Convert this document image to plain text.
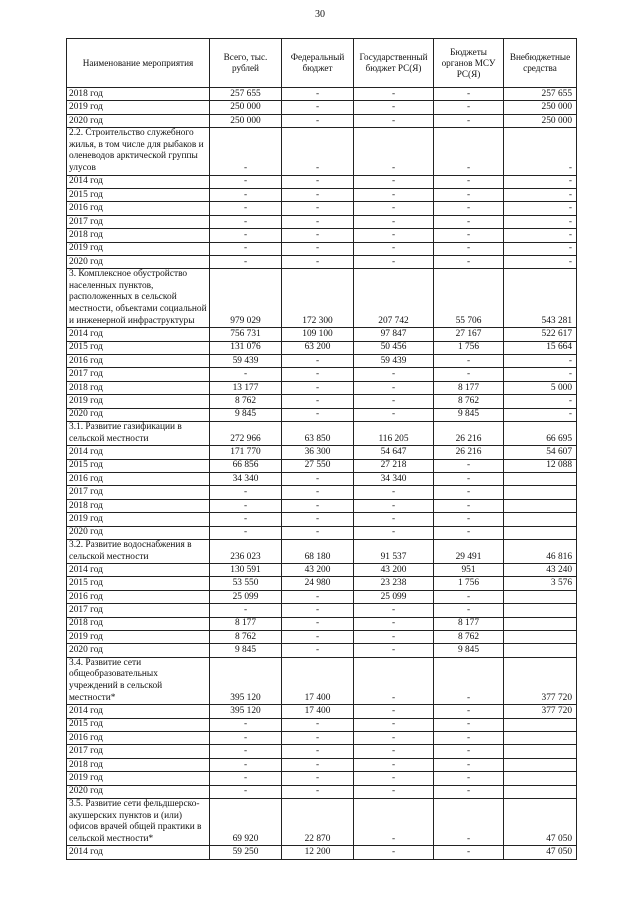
30
Наименование мероприятия	Всего, тыс. рублей	Федеральный бюджет	Государственный бюджет РС(Я)	Бюджеты органов МСУ РС(Я)	Внебюджетные средства
2018 год	257 655	-	-	-	257 655
2019 год	250 000	-	-	-	250 000
2020 год	250 000	-	-	-	250 000
2.2. Строительство служебного жилья, в том числе для рыбаков и оленеводов арктической группы улусов	-	-	-	-	-
2014 год	-	-	-	-	-
2015 год	-	-	-	-	-
2016 год	-	-	-	-	-
2017 год	-	-	-	-	-
2018 год	-	-	-	-	-
2019 год	-	-	-	-	-
2020 год	-	-	-	-	-
3. Комплексное обустройство населенных пунктов, расположенных в сельской местности, объектами социальной и инженерной инфраструктуры	979 029	172 300	207 742	55 706	543 281
2014 год	756 731	109 100	97 847	27 167	522 617
2015 год	131 076	63 200	50 456	1 756	15 664
2016 год	59 439	-	59 439	-	-
2017 год	-	-	-	-	-
2018 год	13 177	-	-	8 177	5 000
2019 год	8 762	-	-	8 762	-
2020 год	9 845	-	-	9 845	-
3.1. Развитие газификации в сельской местности	272 966	63 850	116 205	26 216	66 695
2014 год	171 770	36 300	54 647	26 216	54 607
2015 год	66 856	27 550	27 218	-	12 088
2016 год	34 340	-	34 340	-	
2017 год	-	-	-	-	
2018 год	-	-	-	-	
2019 год	-	-	-	-	
2020 год	-	-	-	-	
3.2. Развитие водоснабжения в сельской местности	236 023	68 180	91 537	29 491	46 816
2014 год	130 591	43 200	43 200	951	43 240
2015 год	53 550	24 980	23 238	1 756	3 576
2016 год	25 099	-	25 099	-	
2017 год	-	-	-	-	
2018 год	8 177	-	-	8 177	
2019 год	8 762	-	-	8 762	
2020 год	9 845	-	-	9 845	
3.4. Развитие сети общеобразовательных учреждений в сельской местности*	395 120	17 400	-	-	377 720
2014 год	395 120	17 400	-	-	377 720
2015 год	-	-	-	-	
2016 год	-	-	-	-	
2017 год	-	-	-	-	
2018 год	-	-	-	-	
2019 год	-	-	-	-	
2020 год	-	-	-	-	
3.5. Развитие сети фельдшерско-акушерских пунктов и (или) офисов врачей общей практики в сельской местности*	69 920	22 870	-	-	47 050
2014 год	59 250	12 200	-	-	47 050
